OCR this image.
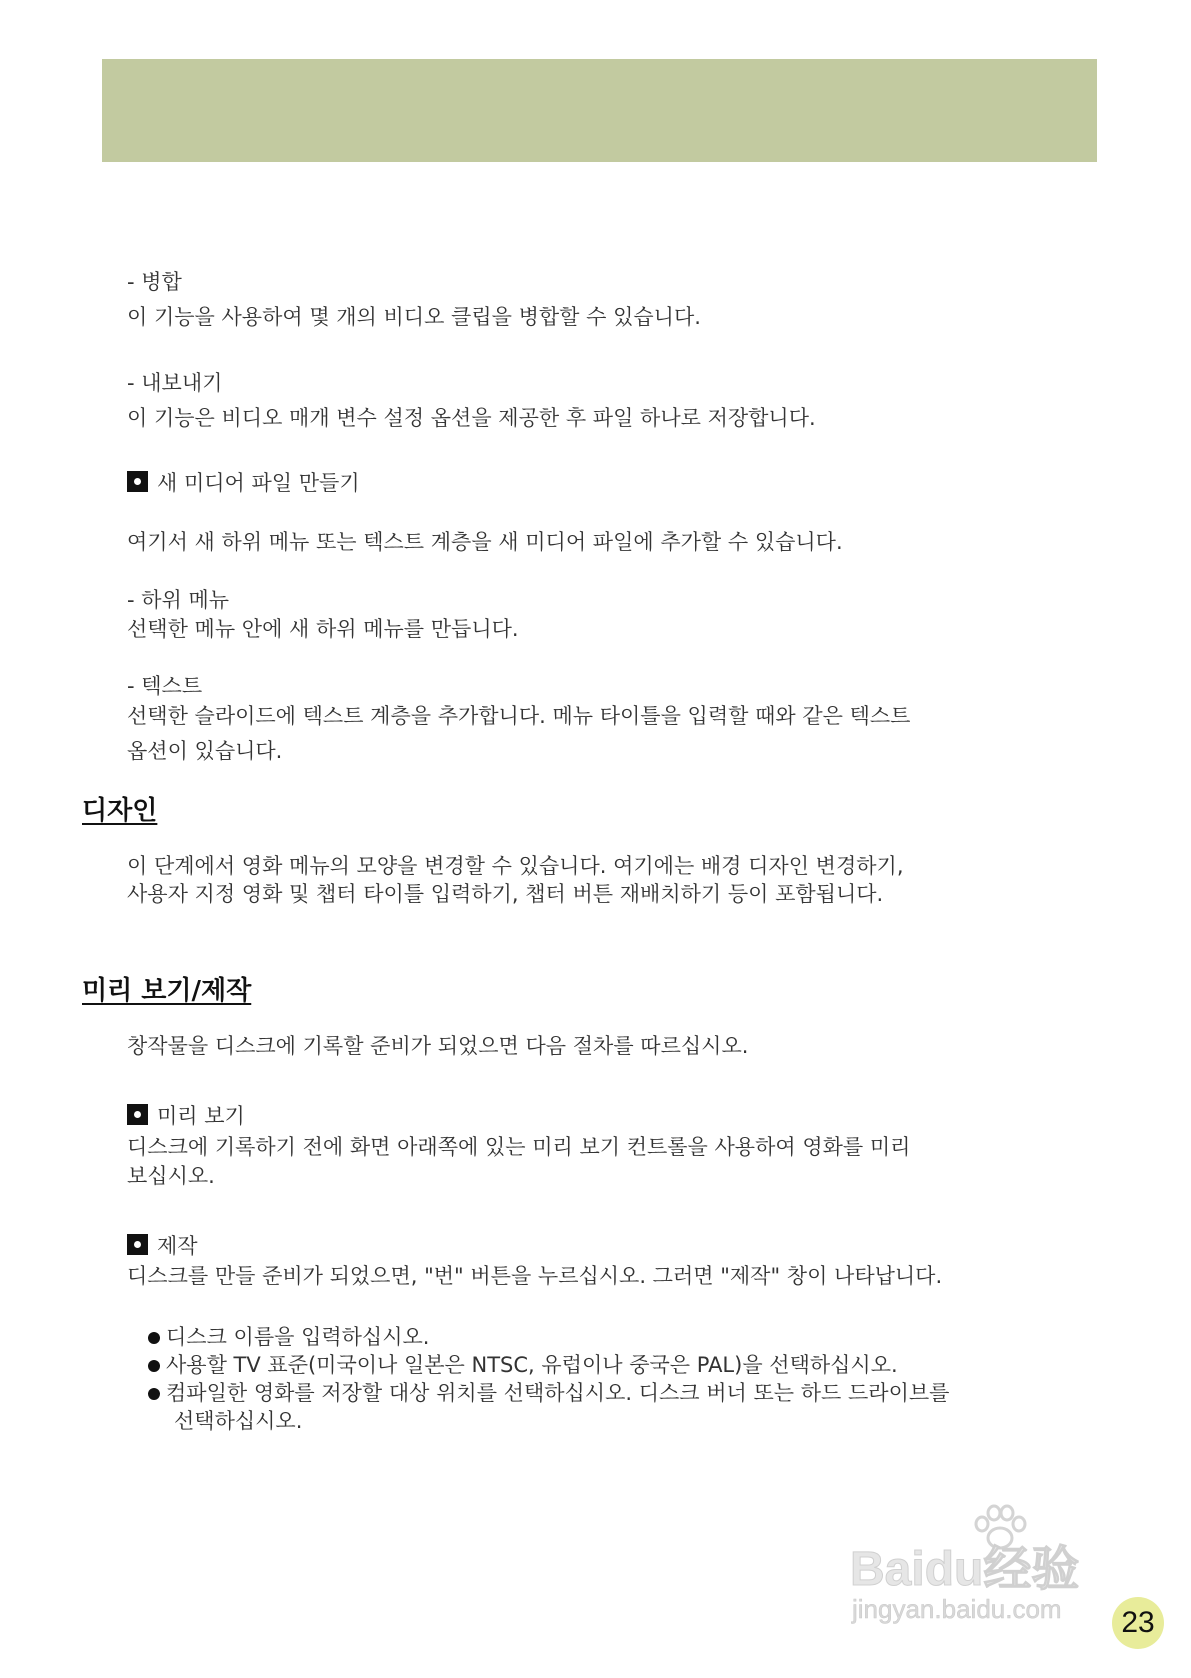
- 병합
이 기능을 사용하여 몇 개의 비디오 클립을 병합할 수 있습니다.
- 내보내기
이 기능은 비디오 매개 변수 설정 옵션을 제공한 후 파일 하나로 저장합니다.
새 미디어 파일 만들기
여기서 새 하위 메뉴 또는 텍스트 계층을 새 미디어 파일에 추가할 수 있습니다.
- 하위 메뉴
선택한 메뉴 안에 새 하위 메뉴를 만듭니다.
- 텍스트
선택한 슬라이드에 텍스트 계층을 추가합니다. 메뉴 타이틀을 입력할 때와 같은 텍스트
옵션이 있습니다.
디자인
이 단계에서 영화 메뉴의 모양을 변경할 수 있습니다. 여기에는 배경 디자인 변경하기,
사용자 지정 영화 및 챕터 타이틀 입력하기, 챕터 버튼 재배치하기 등이 포함됩니다.
미리 보기/제작
창작물을 디스크에 기록할 준비가 되었으면 다음 절차를 따르십시오.
미리 보기
디스크에 기록하기 전에 화면 아래쪽에 있는 미리 보기 컨트롤을 사용하여 영화를 미리
보십시오.
제작
디스크를 만들 준비가 되었으면, "번" 버튼을 누르십시오. 그러면 "제작" 창이 나타납니다.
디스크 이름을 입력하십시오.
사용할 TV 표준(미국이나 일본은 NTSC, 유럽이나 중국은 PAL)을 선택하십시오.
컴파일한 영화를 저장할 대상 위치를 선택하십시오. 디스크 버너 또는 하드 드라이브를
선택하십시오.
Baidu经验
jingyan.baidu.com	23
